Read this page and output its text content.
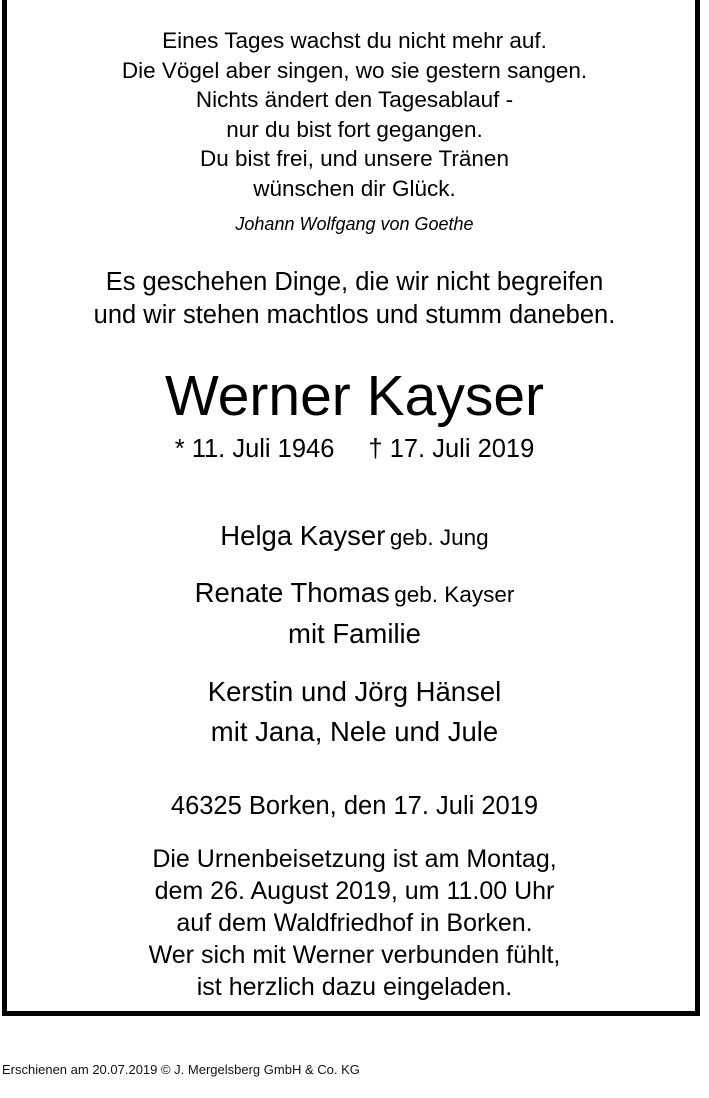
Eines Tages wachst du nicht mehr auf.
Die Vögel aber singen, wo sie gestern sangen.
Nichts ändert den Tagesablauf -
nur du bist fort gegangen.
Du bist frei, und unsere Tränen
wünschen dir Glück.
Johann Wolfgang von Goethe
Es geschehen Dinge, die wir nicht begreifen
und wir stehen machtlos und stumm daneben.
Werner Kayser
* 11. Juli 1946 † 17. Juli 2019
Helga Kayser geb. Jung
Renate Thomas geb. Kayser
mit Familie
Kerstin und Jörg Hänsel
mit Jana, Nele und Jule
46325 Borken, den 17. Juli 2019
Die Urnenbeisetzung ist am Montag,
dem 26. August 2019, um 11.00 Uhr
auf dem Waldfriedhof in Borken.
Wer sich mit Werner verbunden fühlt,
ist herzlich dazu eingeladen.
Erschienen am 20.07.2019 © J. Mergelsberg GmbH & Co. KG
